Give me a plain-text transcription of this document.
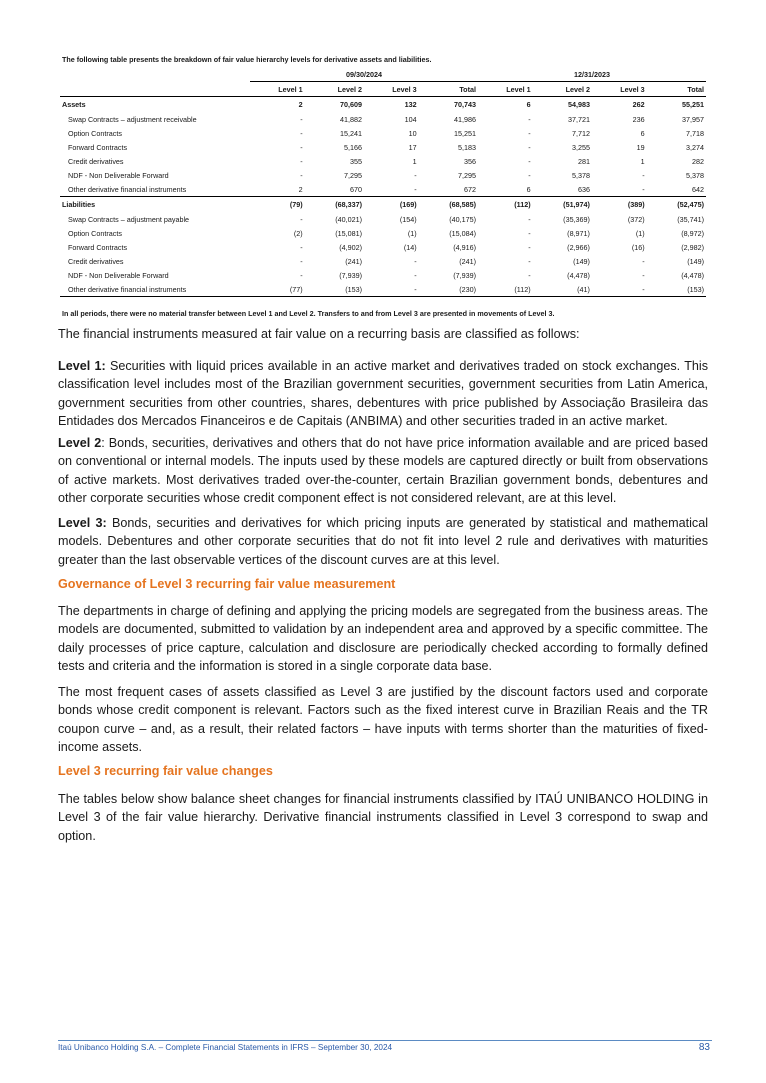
The following table presents the breakdown of fair value hierarchy levels for derivative assets and liabilities.
	09/30/2024				12/31/2023			
	Level 1	Level 2	Level 3	Total	Level 1	Level 2	Level 3	Total
Assets	2	70,609	132	70,743	6	54,983	262	55,251
Swap Contracts – adjustment receivable	-	41,882	104	41,986	-	37,721	236	37,957
Option Contracts	-	15,241	10	15,251	-	7,712	6	7,718
Forward Contracts	-	5,166	17	5,183	-	3,255	19	3,274
Credit derivatives	-	355	1	356	-	281	1	282
NDF - Non Deliverable Forward	-	7,295	-	7,295	-	5,378	-	5,378
Other derivative financial instruments	2	670	-	672	6	636	-	642
Liabilities	(79)	(68,337)	(169)	(68,585)	(112)	(51,974)	(389)	(52,475)
Swap Contracts – adjustment payable	-	(40,021)	(154)	(40,175)	-	(35,369)	(372)	(35,741)
Option Contracts	(2)	(15,081)	(1)	(15,084)	-	(8,971)	(1)	(8,972)
Forward Contracts	-	(4,902)	(14)	(4,916)	-	(2,966)	(16)	(2,982)
Credit derivatives	-	(241)	-	(241)	-	(149)	-	(149)
NDF - Non Deliverable Forward	-	(7,939)	-	(7,939)	-	(4,478)	-	(4,478)
Other derivative financial instruments	(77)	(153)	-	(230)	(112)	(41)	-	(153)
In all periods, there were no material transfer between Level 1 and Level 2. Transfers to and from Level 3 are presented in movements of Level 3.
The financial instruments measured at fair value on a recurring basis are classified as follows:
Level 1: Securities with liquid prices available in an active market and derivatives traded on stock exchanges. This classification level includes most of the Brazilian government securities, government securities from Latin America, government securities from other countries, shares, debentures with price published by Associação Brasileira das Entidades dos Mercados Financeiros e de Capitais (ANBIMA) and other securities traded in an active market.
Level 2: Bonds, securities, derivatives and others that do not have price information available and are priced based on conventional or internal models. The inputs used by these models are captured directly or built from observations of active markets. Most derivatives traded over-the-counter, certain Brazilian government bonds, debentures and other corporate securities whose credit component effect is not considered relevant, are at this level.
Level 3: Bonds, securities and derivatives for which pricing inputs are generated by statistical and mathematical models. Debentures and other corporate securities that do not fit into level 2 rule and derivatives with maturities greater than the last observable vertices of the discount curves are at this level.
Governance of Level 3 recurring fair value measurement
The departments in charge of defining and applying the pricing models are segregated from the business areas. The models are documented, submitted to validation by an independent area and approved by a specific committee. The daily processes of price capture, calculation and disclosure are periodically checked according to formally defined tests and criteria and the information is stored in a single corporate data base.
The most frequent cases of assets classified as Level 3 are justified by the discount factors used and corporate bonds whose credit component is relevant. Factors such as the fixed interest curve in Brazilian Reais and the TR coupon curve – and, as a result, their related factors – have inputs with terms shorter than the maturities of fixed-income assets.
Level 3 recurring fair value changes
The tables below show balance sheet changes for financial instruments classified by ITAÚ UNIBANCO HOLDING in Level 3 of the fair value hierarchy. Derivative financial instruments classified in Level 3 correspond to swap and option.
Itaú Unibanco Holding S.A. – Complete Financial Statements in IFRS – September 30, 2024	83
